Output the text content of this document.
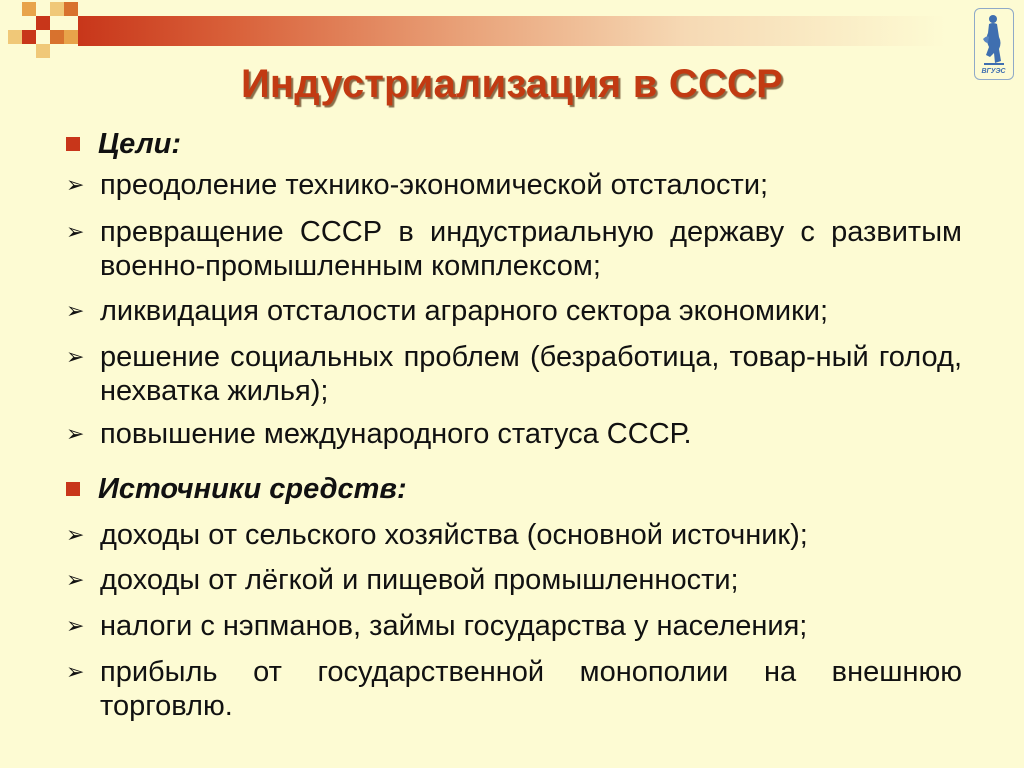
ВГУЭС
Индустриализация в СССР
Цели:
➢ преодоление технико-экономической отсталости;
➢ превращение СССР в индустриальную державу с развитым военно-промышленным комплексом;
➢ ликвидация отсталости аграрного сектора экономики;
➢ решение социальных проблем (безработица, товар-ный голод, нехватка жилья);
➢ повышение международного статуса СССР.
Источники средств:
➢ доходы от сельского хозяйства (основной источник);
➢ доходы от лёгкой и пищевой промышленности;
➢ налоги с нэпманов, займы государства у населения;
➢ прибыль от государственной монополии на внешнюю торговлю.
